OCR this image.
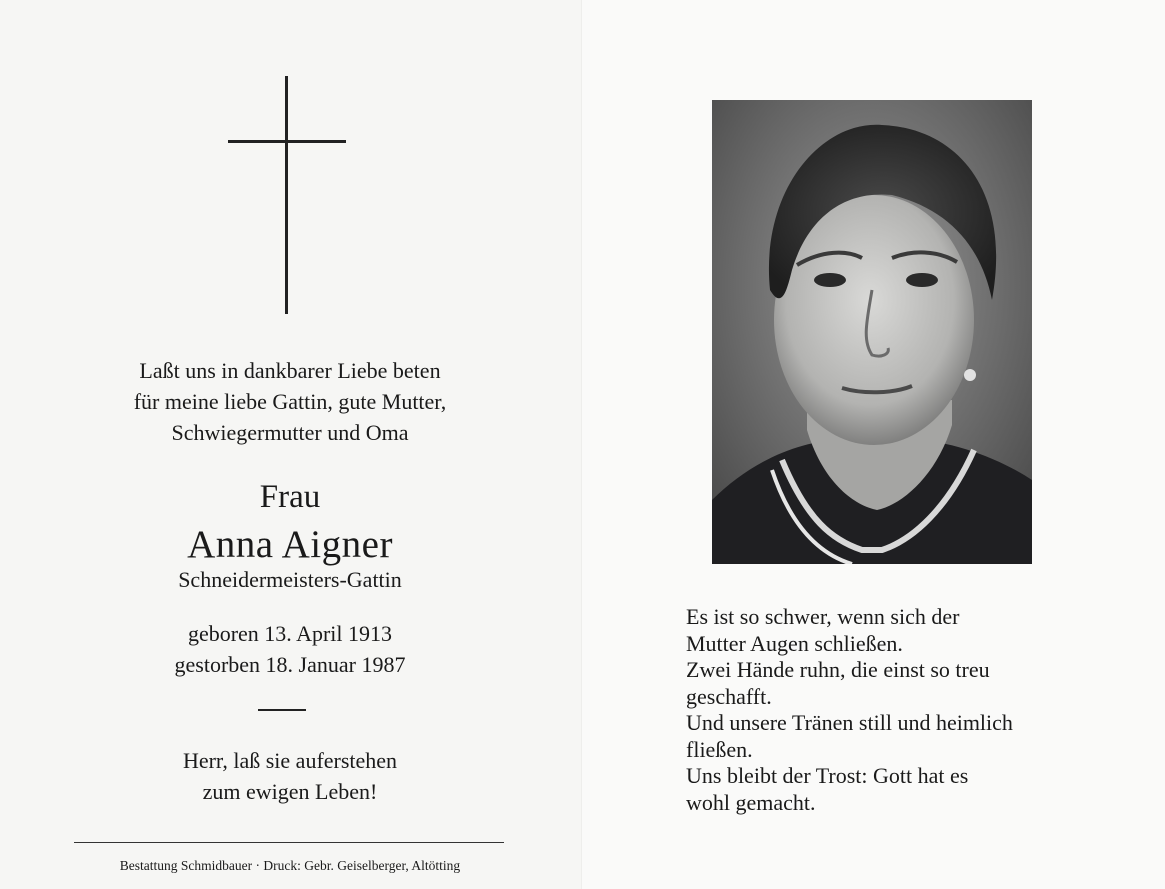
Laßt uns in dankbarer Liebe beten
für meine liebe Gattin, gute Mutter,
Schwiegermutter und Oma
Frau
Anna Aigner
Schneidermeisters-Gattin
geboren 13. April 1913
gestorben 18. Januar 1987
Herr, laß sie auferstehen
zum ewigen Leben!
Bestattung Schmidbauer · Druck: Gebr. Geiselberger, Altötting
Es ist so schwer, wenn sich der
Mutter Augen schließen.
Zwei Hände ruhn, die einst so treu
geschafft.
Und unsere Tränen still und heimlich
fließen.
Uns bleibt der Trost: Gott hat es
wohl gemacht.
